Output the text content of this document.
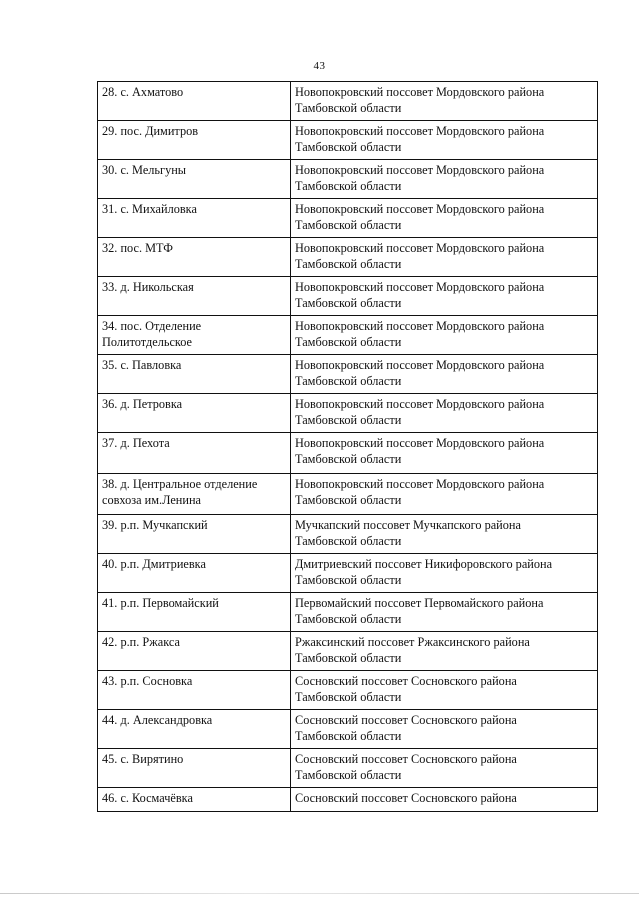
43
28. с. Ахматово	Новопокровский поссовет Мордовского района
Тамбовской области

29. пос. Димитров	Новопокровский поссовет Мордовского района
Тамбовской области

30. с. Мельгуны	Новопокровский поссовет Мордовского района
Тамбовской области

31. с. Михайловка	Новопокровский поссовет Мордовского района
Тамбовской области

32. пос. МТФ	Новопокровский поссовет Мордовского района
Тамбовской области

33. д. Никольская	Новопокровский поссовет Мордовского района
Тамбовской области

34. пос. Отделение
Политотдельское	Новопокровский поссовет Мордовского района
Тамбовской области

35. с. Павловка	Новопокровский поссовет Мордовского района
Тамбовской области

36. д. Петровка	Новопокровский поссовет Мордовского района
Тамбовской области

37. д. Пехота	Новопокровский поссовет Мордовского района
Тамбовской области

38. д. Центральное отделение
совхоза им.Ленина	Новопокровский поссовет Мордовского района
Тамбовской области

39. р.п. Мучкапский	Мучкапский поссовет Мучкапского района
Тамбовской области

40. р.п. Дмитриевка	Дмитриевский поссовет Никифоровского района
Тамбовской области

41. р.п. Первомайский	Первомайский поссовет Первомайского района
Тамбовской области

42. р.п. Ржакса	Ржаксинский поссовет Ржаксинского района
Тамбовской области

43. р.п. Сосновка	Сосновский поссовет Сосновского района
Тамбовской области

44. д. Александровка	Сосновский поссовет Сосновского района
Тамбовской области

45. с. Вирятино	Сосновский поссовет Сосновского района
Тамбовской области

46. с. Космачёвка	Сосновский поссовет Сосновского района
